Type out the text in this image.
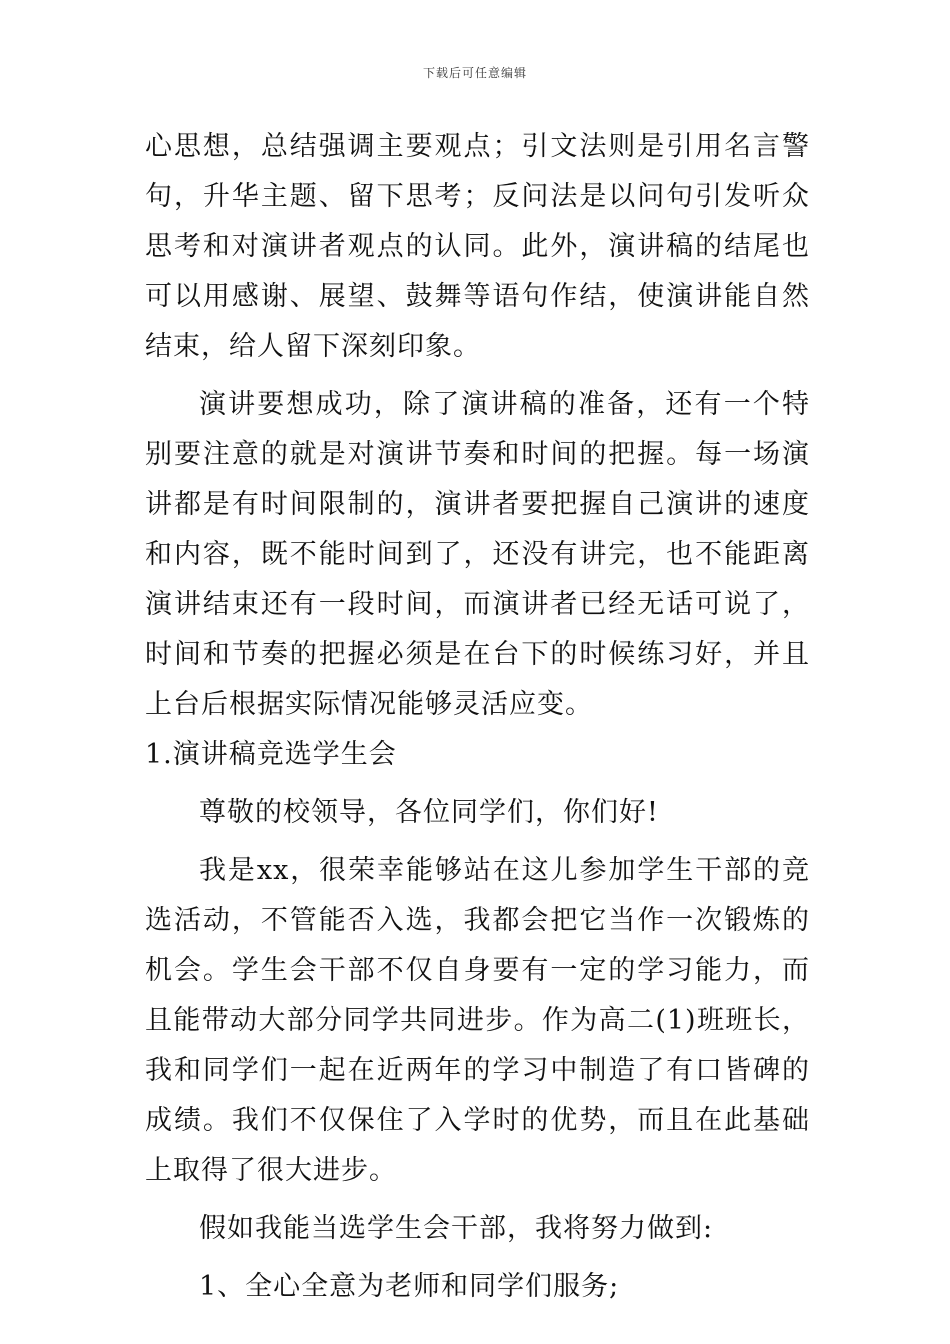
下载后可任意编辑

心思想，总结强调主要观点；引文法则是引用名言警句，升华主题、留下思考；反问法是以问句引发听众思考和对演讲者观点的认同。此外，演讲稿的结尾也可以用感谢、展望、鼓舞等语句作结，使演讲能自然结束，给人留下深刻印象。

演讲要想成功，除了演讲稿的准备，还有一个特别要注意的就是对演讲节奏和时间的把握。每一场演讲都是有时间限制的，演讲者要把握自己演讲的速度和内容，既不能时间到了，还没有讲完，也不能距离演讲结束还有一段时间，而演讲者已经无话可说了，时间和节奏的把握必须是在台下的时候练习好，并且上台后根据实际情况能够灵活应变。

1.演讲稿竞选学生会

尊敬的校领导，各位同学们，你们好!

我是xx，很荣幸能够站在这儿参加学生干部的竞选活动，不管能否入选，我都会把它当作一次锻炼的机会。学生会干部不仅自身要有一定的学习能力，而且能带动大部分同学共同进步。作为高二(1)班班长，我和同学们一起在近两年的学习中制造了有口皆碑的成绩。我们不仅保住了入学时的优势，而且在此基础上取得了很大进步。

假如我能当选学生会干部，我将努力做到:

1、全心全意为老师和同学们服务;
